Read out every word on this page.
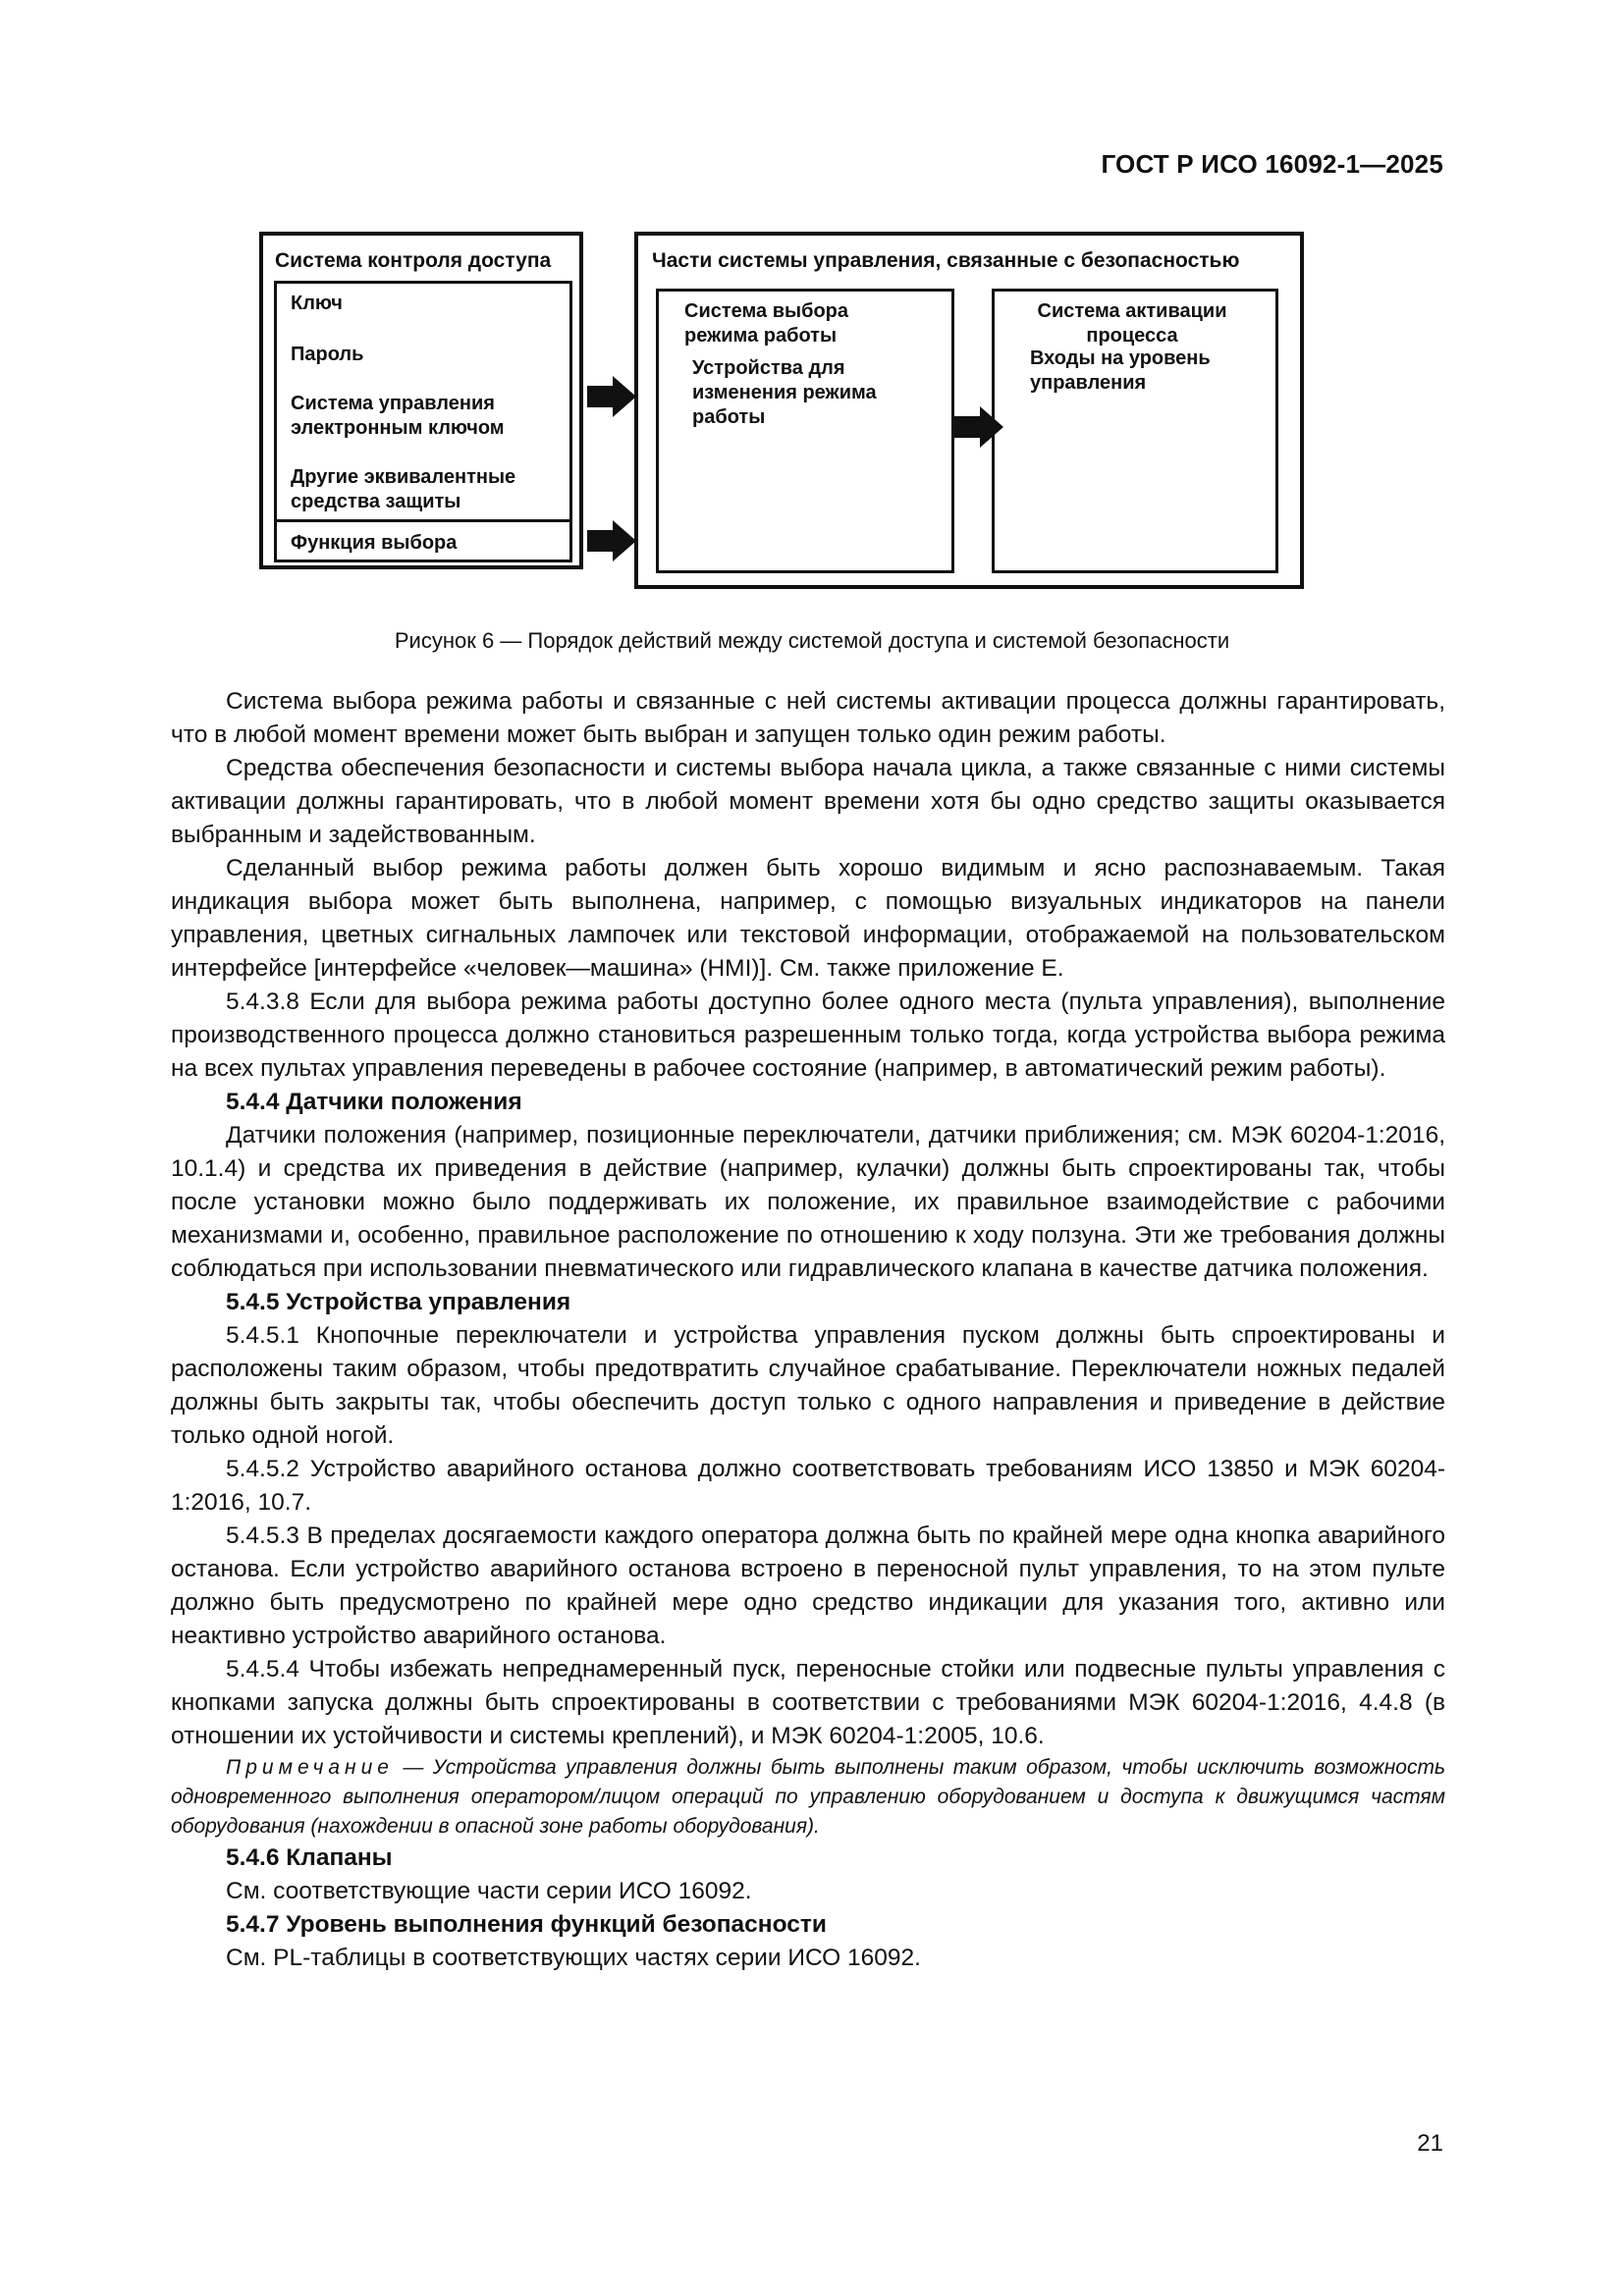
ГОСТ Р ИСО 16092-1—2025
Система контроля доступа
Ключ
Пароль
Система управления электронным ключом
Другие эквивалентные средства защиты
Функция выбора
Части системы управления, связанные с безопасностью
Система выбора режима работы
Устройства для изменения режима работы
Система активации процесса
Входы на уровень управления
Рисунок 6 — Порядок действий между системой доступа и системой безопасности

Система выбора режима работы и связанные с ней системы активации процесса должны гарантировать, что в любой момент времени может быть выбран и запущен только один режим работы.

Средства обеспечения безопасности и системы выбора начала цикла, а также связанные с ними системы активации должны гарантировать, что в любой момент времени хотя бы одно средство защиты оказывается выбранным и задействованным.

Сделанный выбор режима работы должен быть хорошо видимым и ясно распознаваемым. Такая индикация выбора может быть выполнена, например, с помощью визуальных индикаторов на панели управления, цветных сигнальных лампочек или текстовой информации, отображаемой на пользовательском интерфейсе [интерфейсе «человек—машина» (HMI)]. См. также приложение Е.

5.4.3.8 Если для выбора режима работы доступно более одного места (пульта управления), выполнение производственного процесса должно становиться разрешенным только тогда, когда устройства выбора режима на всех пультах управления переведены в рабочее состояние (например, в автоматический режим работы).

5.4.4 Датчики положения

Датчики положения (например, позиционные переключатели, датчики приближения; см. МЭК 60204-1:2016, 10.1.4) и средства их приведения в действие (например, кулачки) должны быть спроектированы так, чтобы после установки можно было поддерживать их положение, их правильное взаимодействие с рабочими механизмами и, особенно, правильное расположение по отношению к ходу ползуна. Эти же требования должны соблюдаться при использовании пневматического или гидравлического клапана в качестве датчика положения.

5.4.5 Устройства управления

5.4.5.1 Кнопочные переключатели и устройства управления пуском должны быть спроектированы и расположены таким образом, чтобы предотвратить случайное срабатывание. Переключатели ножных педалей должны быть закрыты так, чтобы обеспечить доступ только с одного направления и приведение в действие только одной ногой.

5.4.5.2 Устройство аварийного останова должно соответствовать требованиям ИСО 13850 и МЭК 60204-1:2016, 10.7.

5.4.5.3 В пределах досягаемости каждого оператора должна быть по крайней мере одна кнопка аварийного останова. Если устройство аварийного останова встроено в переносной пульт управления, то на этом пульте должно быть предусмотрено по крайней мере одно средство индикации для указания того, активно или неактивно устройство аварийного останова.

5.4.5.4 Чтобы избежать непреднамеренный пуск, переносные стойки или подвесные пульты управления с кнопками запуска должны быть спроектированы в соответствии с требованиями МЭК 60204-1:2016, 4.4.8 (в отношении их устойчивости и системы креплений), и МЭК 60204-1:2005, 10.6.

Примечание — Устройства управления должны быть выполнены таким образом, чтобы исключить возможность одновременного выполнения оператором/лицом операций по управлению оборудованием и доступа к движущимся частям оборудования (нахождении в опасной зоне работы оборудования).

5.4.6 Клапаны

См. соответствующие части серии ИСО 16092.

5.4.7 Уровень выполнения функций безопасности

См. PL-таблицы в соответствующих частях серии ИСО 16092.

21
